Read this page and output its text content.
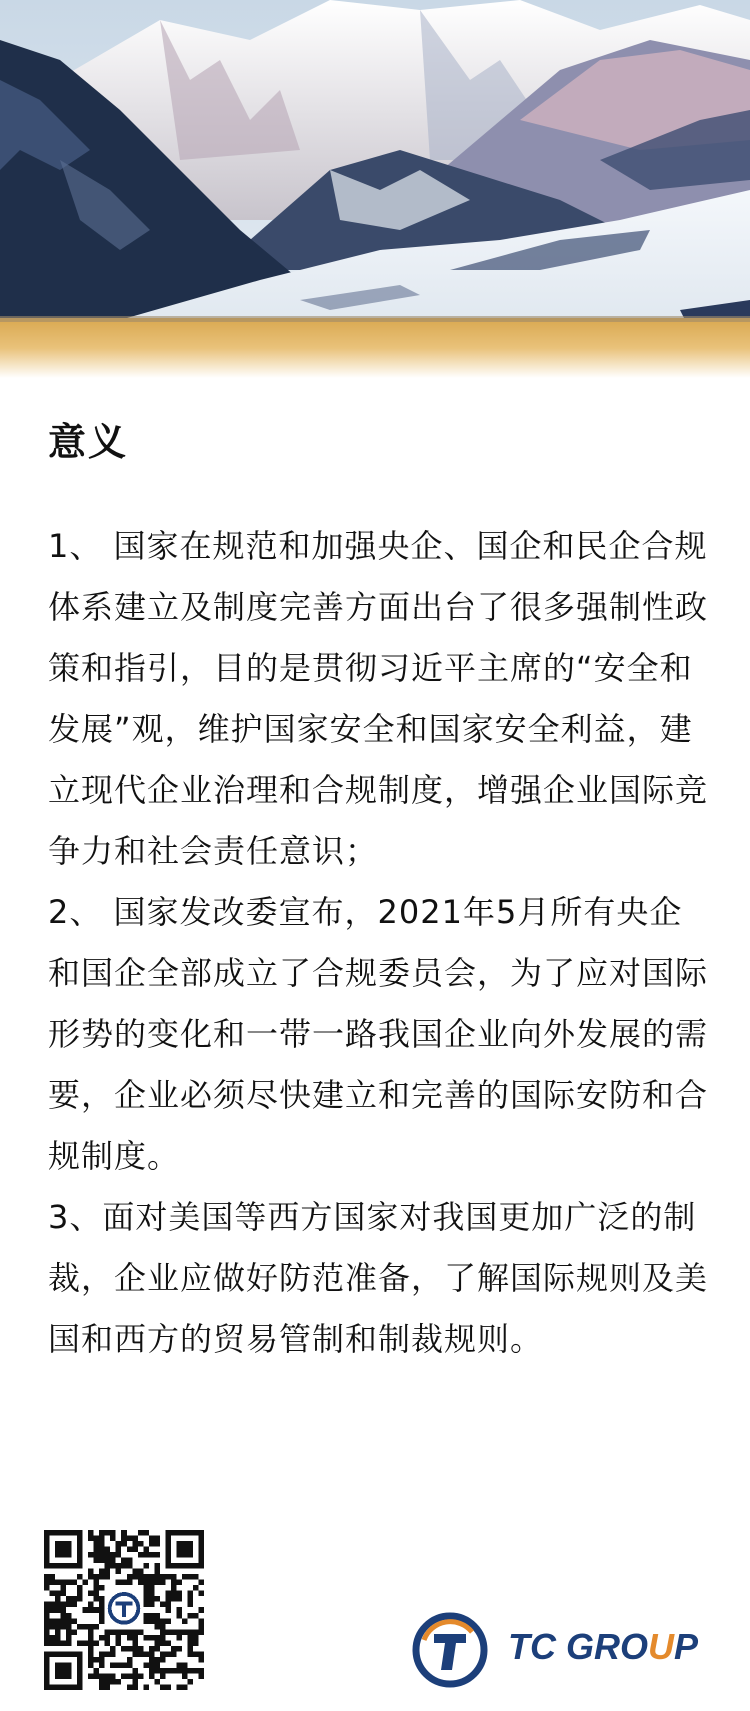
意义

1、 国家在规范和加强央企、国企和民企合规体系建立及制度完善方面出台了很多强制性政策和指引，目的是贯彻习近平主席的“安全和发展”观，维护国家安全和国家安全利益，建立现代企业治理和合规制度，增强企业国际竞争力和社会责任意识；

2、 国家发改委宣布，2021年5月所有央企和国企全部成立了合规委员会，为了应对国际形势的变化和一带一路我国企业向外发展的需要，企业必须尽快建立和完善的国际安防和合规制度。

3、面对美国等西方国家对我国更加广泛的制裁，企业应做好防范准备，了解国际规则及美国和西方的贸易管制和制裁规则。

TC GROUP
